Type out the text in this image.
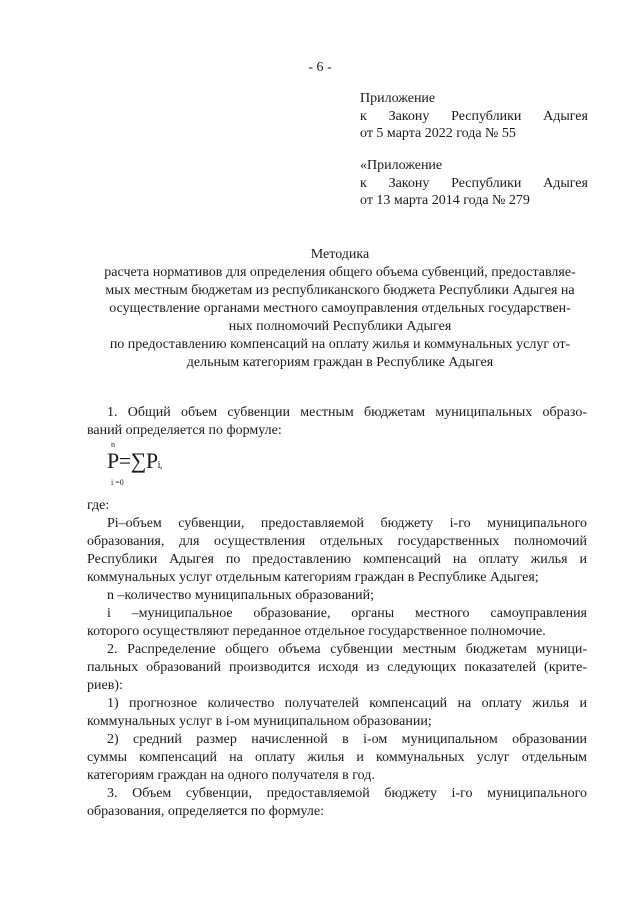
- 6 -
Приложение
к Закону Республики Адыгея
от 5 марта 2022 года № 55
«Приложение
к Закону Республики Адыгея
от 13 марта 2014 года № 279
Методика
расчета нормативов для определения общего объема субвенций, предоставляе-
мых местным бюджетам из республиканского бюджета Республики Адыгея на
осуществление органами местного самоуправления отдельных государствен-
ных полномочий Республики Адыгея
по предоставлению компенсаций на оплату жилья и коммунальных услуг от-
дельным категориям граждан в Республике Адыгея
1. Общий объем субвенции местным бюджетам муниципальных образо-
ваний определяется по формуле:
n
P=∑Pi,
i =0
где:
Pi–объем субвенции, предоставляемой бюджету i-го муниципального
образования, для осуществления отдельных государственных полномочий
Республики Адыгея по предоставлению компенсаций на оплату жилья и
коммунальных услуг отдельным категориям граждан в Республике Адыгея;
n –количество муниципальных образований;
i –муниципальное образование, органы местного самоуправления
которого осуществляют переданное отдельное государственное полномочие.
2. Распределение общего объема субвенции местным бюджетам муници-
пальных образований производится исходя из следующих показателей (крите-
риев):
1) прогнозное количество получателей компенсаций на оплату жилья и
коммунальных услуг в i-ом муниципальном образовании;
2) средний размер начисленной в i-ом муниципальном образовании
суммы компенсаций на оплату жилья и коммунальных услуг отдельным
категориям граждан на одного получателя в год.
3. Объем субвенции, предоставляемой бюджету i-го муниципального
образования, определяется по формуле:
